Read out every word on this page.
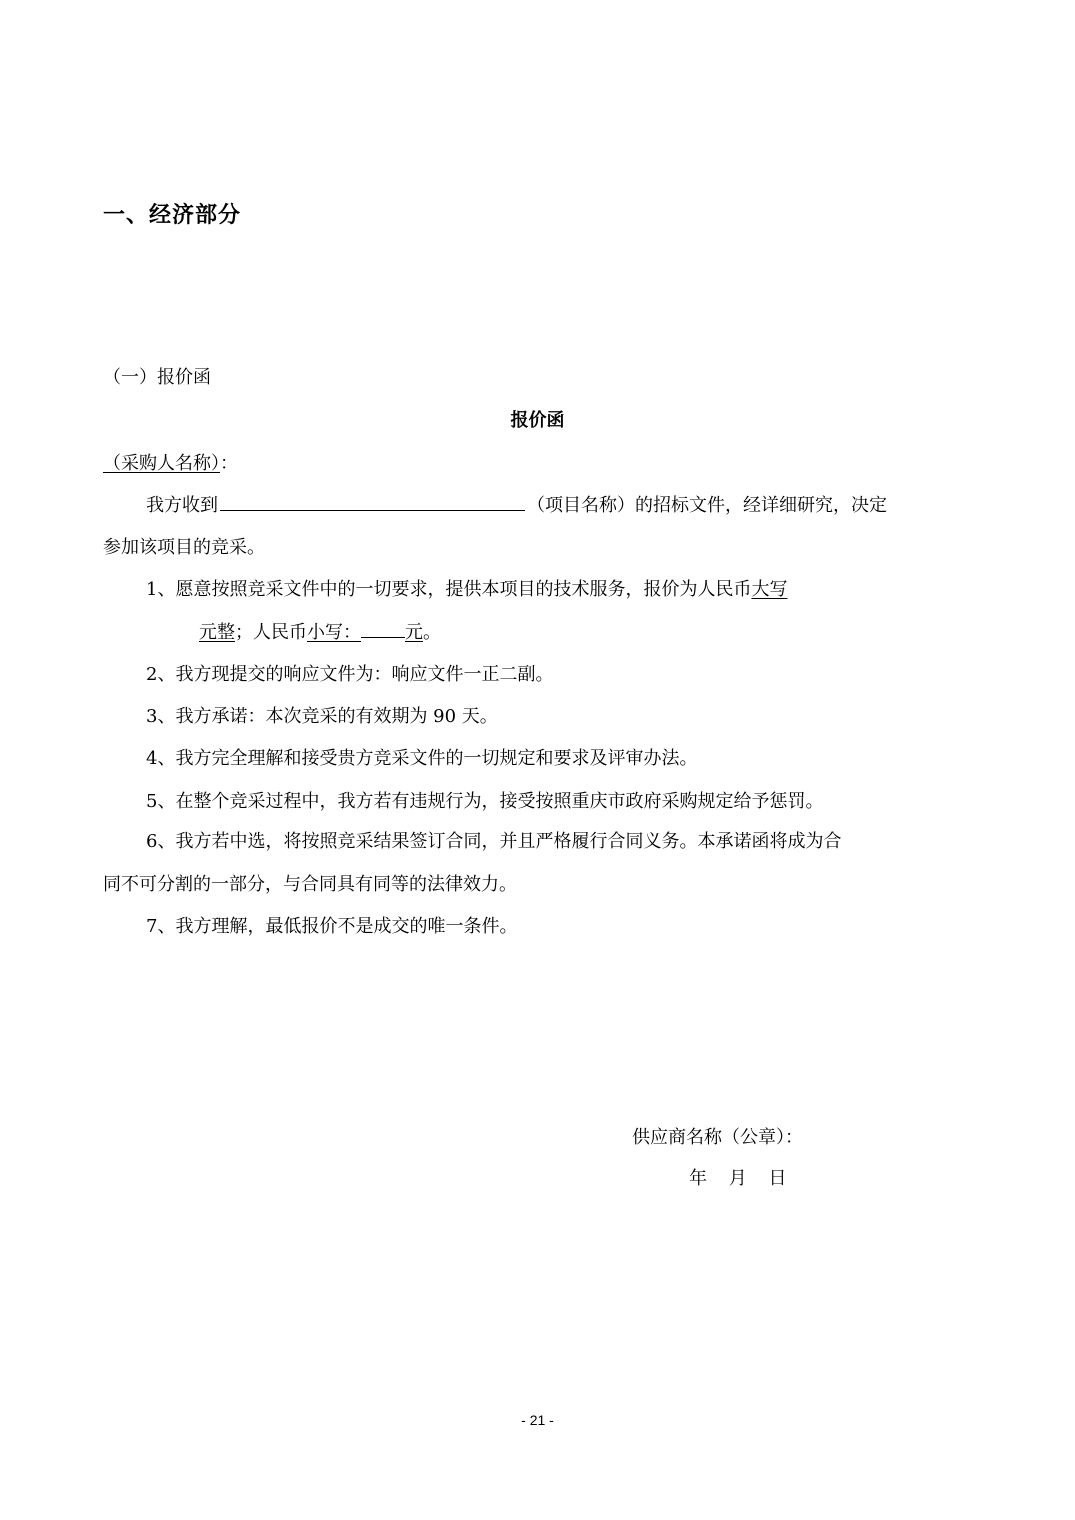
一、经济部分
（一）报价函
报价函
（采购人名称）：
我方收到	（项目名称）的招标文件，经详细研究，决定
参加该项目的竞采。
1、愿意按照竞采文件中的一切要求，提供本项目的技术服务，报价为人民币大写
元整；人民币小写： 元。
2、我方现提交的响应文件为：响应文件一正二副。
3、我方承诺：本次竞采的有效期为 90 天。
4、我方完全理解和接受贵方竞采文件的一切规定和要求及评审办法。
5、在整个竞采过程中，我方若有违规行为，接受按照重庆市政府采购规定给予惩罚。
6、我方若中选，将按照竞采结果签订合同，并且严格履行合同义务。本承诺函将成为合
同不可分割的一部分，与合同具有同等的法律效力。
7、我方理解，最低报价不是成交的唯一条件。
供应商名称（公章）：
年 月 日
- 21 -
